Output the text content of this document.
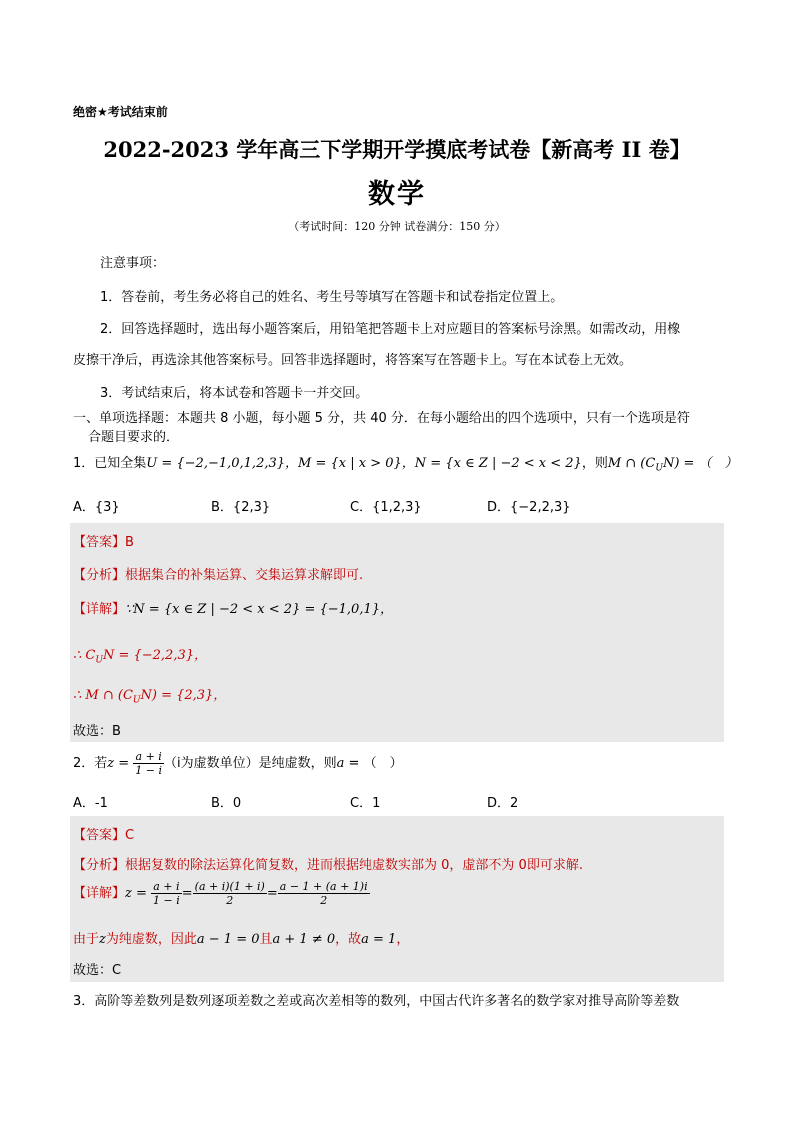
绝密★考试结束前
2022-2023 学年高三下学期开学摸底考试卷【新高考 II 卷】
数学
（考试时间：120 分钟 试卷满分：150 分）
注意事项：
1．答卷前，考生务必将自己的姓名、考生号等填写在答题卡和试卷指定位置上。
2．回答选择题时，选出每小题答案后，用铅笔把答题卡上对应题目的答案标号涂黑。如需改动，用橡
皮擦干净后，再选涂其他答案标号。回答非选择题时，将答案写在答题卡上。写在本试卷上无效。
3．考试结束后，将本试卷和答题卡一并交回。
一、单项选择题：本题共 8 小题，每小题 5 分，共 40 分．在每小题给出的四个选项中，只有一个选项是符
合题目要求的．
1．已知全集U = {−2,−1,0,1,2,3}，M = {x | x > 0}，N = {x ∈ Z | −2 < x < 2}，则M ∩ $(C_UN)$ = （　）
A．{3}	B．{2,3}	C．{1,2,3}	D．{−2,2,3}
【答案】B
【分析】根据集合的补集运算、交集运算求解即可.
【详解】∵N = {x ∈ Z | −2 < x < 2} = {−1,0,1}，
∴ $C_UN = \{-2,2,3\}$，
∴ M ∩ $(C_UN) = \{2,3\}$，
故选：B
2．若$z = \frac{a + i}{1 - i} (i$为虚数单位）是纯虚数，则a = （　）
A．-1	B．0	C．1	D．2
【答案】C
【分析】根据复数的除法运算化简复数，进而根据纯虚数实部为 0，虚部不为 0即可求解.
【详解】$z = \frac{a + i}{1 - i} = \frac{(a + i)(1 + i)}{2} = \frac{a - 1 + (a + 1)i}{2}$
由于z为纯虚数，因此a − 1 = 0且a + 1 ≠ 0，故a = 1，
故选：C
3．高阶等差数列是数列逐项差数之差或高次差相等的数列，中国古代许多著名的数学家对推导高阶等差数
